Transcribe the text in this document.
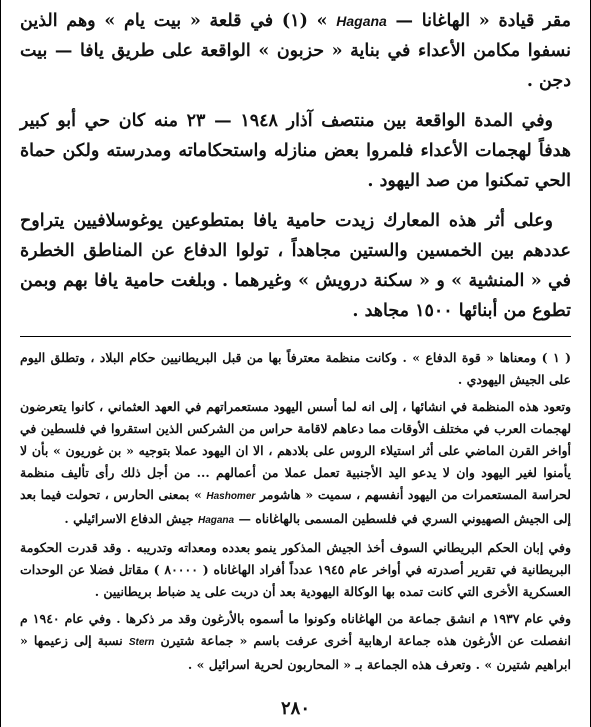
مقر قيادة « الهاغانا — Hagana » ‏(١)‏ في قلعة « بيت يام » وهم الذين نسفوا مكامن الأعداء في بناية « حزبون » الواقعة على طريق يافا — بيت دجن .

وفي المدة الواقعة بين منتصف آذار ١٩٤٨ — ٢٣ منه كان حي أبو كبير هدفاً لهجمات الأعداء فلمروا بعض منازله واستحكاماته ومدرسته ولكن حماة الحي تمكنوا من صد اليهود .

وعلى أثر هذه المعارك زيدت حامية يافا بمتطوعين يوغوسلافيين يتراوح عددهم بين الخمسين والستين مجاهداً ، تولوا الدفاع عن المناطق الخطرة في « المنشية » و « سكنة درويش » وغيرهما . وبلغت حامية يافا بهم وبمن تطوع من أبنائها ١٥٠٠ مجاهد .

( ١ ) ومعناها « قوة الدفاع » . وكانت منظمة معترفاً بها من قبل البريطانيين حكام البلاد ، وتطلق اليوم على الجيش اليهودي .

وتعود هذه المنظمة في انشائها ، إلى انه لما أسس اليهود مستعمراتهم في العهد العثماني ، كانوا يتعرضون لهجمات العرب في مختلف الأوقات مما دعاهم لاقامة حراس من الشركس الذين استقروا في فلسطين في أواخر القرن الماضي على أثر استيلاء الروس على بلادهم ، الا ان اليهود عملا بتوجيه « بن غوريون » بأن لا يأمنوا لغير اليهود وان لا يدعو اليد الأجنبية تعمل عملا من أعمالهم ... من أجل ذلك رأى تأليف منظمة لحراسة المستعمرات من اليهود أنفسهم ، سميت « هاشومر Hashomer » بمعنى الحارس ، تحولت فيما بعد إلى الجيش الصهيوني السري في فلسطين المسمى بالهاغاناه — Hagana جيش الدفاع الاسرائيلي .

وفي إبان الحكم البريطاني السوف أخذ الجيش المذكور ينمو بعدده ومعداته وتدريبه . وقد قدرت الحكومة البريطانية في تقرير أصدرته في أواخر عام ١٩٤٥ عدداً أفراد الهاغاناه ( ٨٠٠٠٠ ) مقاتل فضلا عن الوحدات العسكرية الأخرى التي كانت تمده بها الوكالة اليهودية بعد أن دربت على يد ضباط بريطانيين .

وفي عام ١٩٣٧ م انشق جماعة من الهاغاناه وكونوا ما أسموه بالأرغون وقد مر ذكرها . وفي عام ١٩٤٠ م انفصلت عن الأرغون هذه جماعة ارهابية أخرى عرفت باسم « جماعة شتيرن Stern نسبة إلى زعيمها « ابراهيم شتيرن » . وتعرف هذه الجماعة بـ « المحاربون لحرية اسرائيل » .

٢٨٠
